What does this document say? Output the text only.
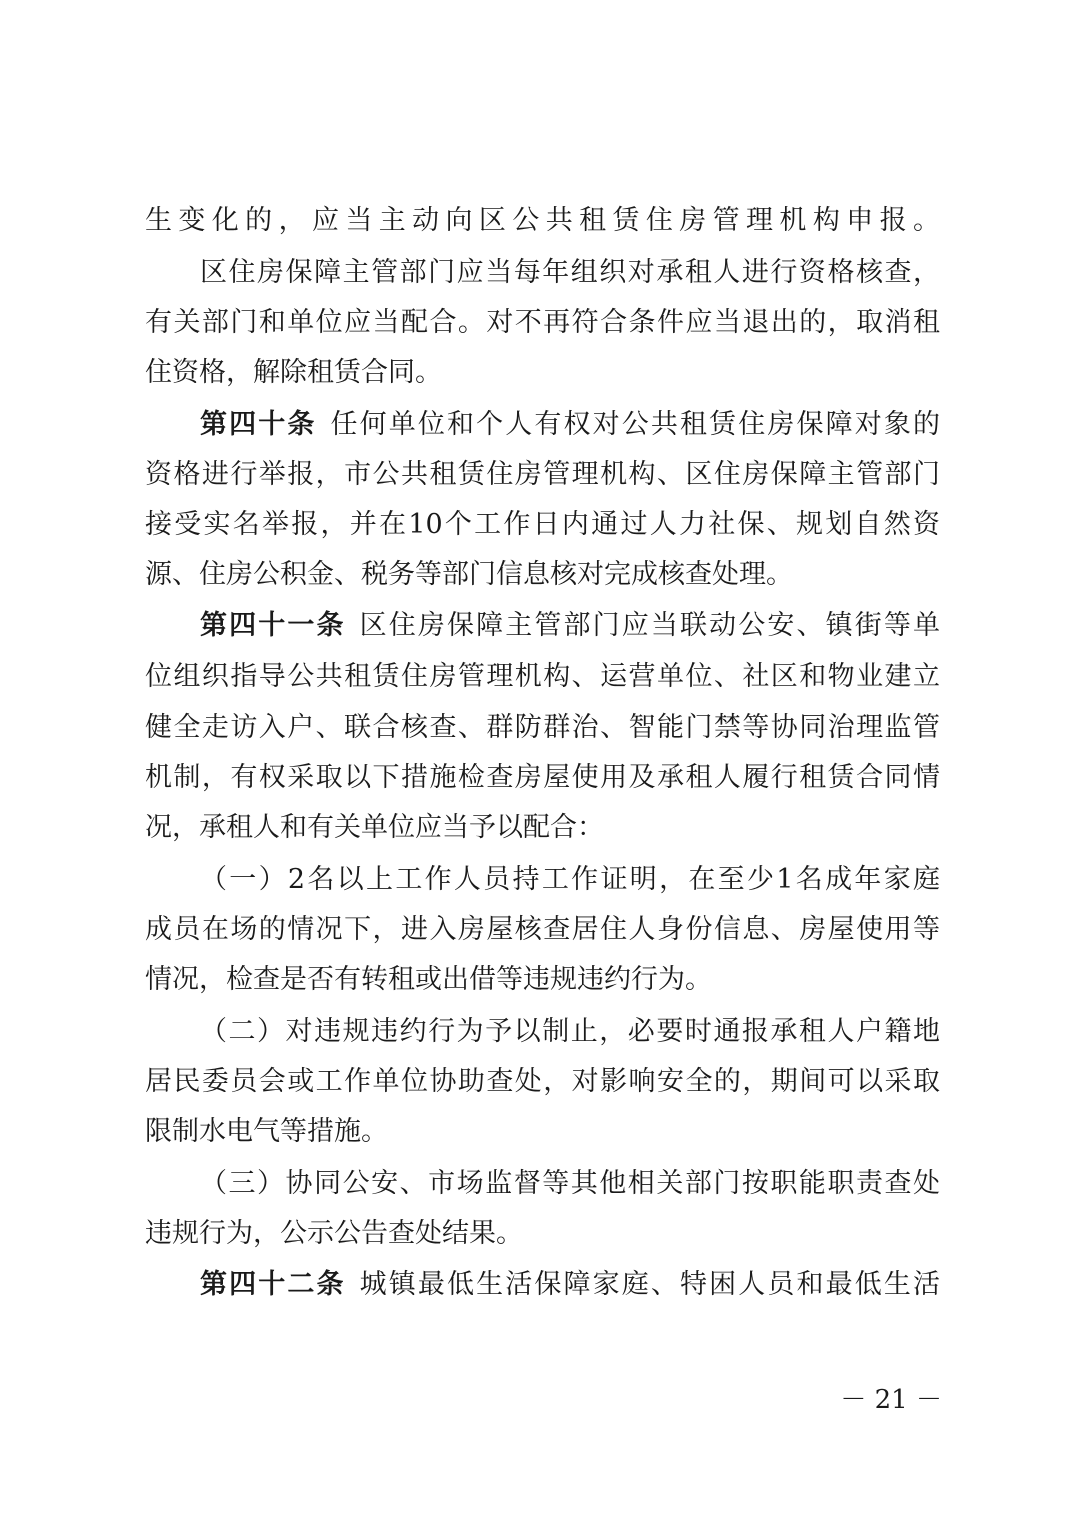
生变化的，应当主动向区公共租赁住房管理机构申报。
区住房保障主管部门应当每年组织对承租人进行资格核查，
有关部门和单位应当配合。对不再符合条件应当退出的，取消租
住资格，解除租赁合同。
第四十条 任何单位和个人有权对公共租赁住房保障对象的
资格进行举报，市公共租赁住房管理机构、区住房保障主管部门
接受实名举报，并在10个工作日内通过人力社保、规划自然资
源、住房公积金、税务等部门信息核对完成核查处理。
第四十一条 区住房保障主管部门应当联动公安、镇街等单
位组织指导公共租赁住房管理机构、运营单位、社区和物业建立
健全走访入户、联合核查、群防群治、智能门禁等协同治理监管
机制，有权采取以下措施检查房屋使用及承租人履行租赁合同情
况，承租人和有关单位应当予以配合：
（一）2名以上工作人员持工作证明，在至少1名成年家庭
成员在场的情况下，进入房屋核查居住人身份信息、房屋使用等
情况，检查是否有转租或出借等违规违约行为。
（二）对违规违约行为予以制止，必要时通报承租人户籍地
居民委员会或工作单位协助查处，对影响安全的，期间可以采取
限制水电气等措施。
（三）协同公安、市场监督等其他相关部门按职能职责查处
违规行为，公示公告查处结果。
第四十二条 城镇最低生活保障家庭、特困人员和最低生活
－ 21 －
